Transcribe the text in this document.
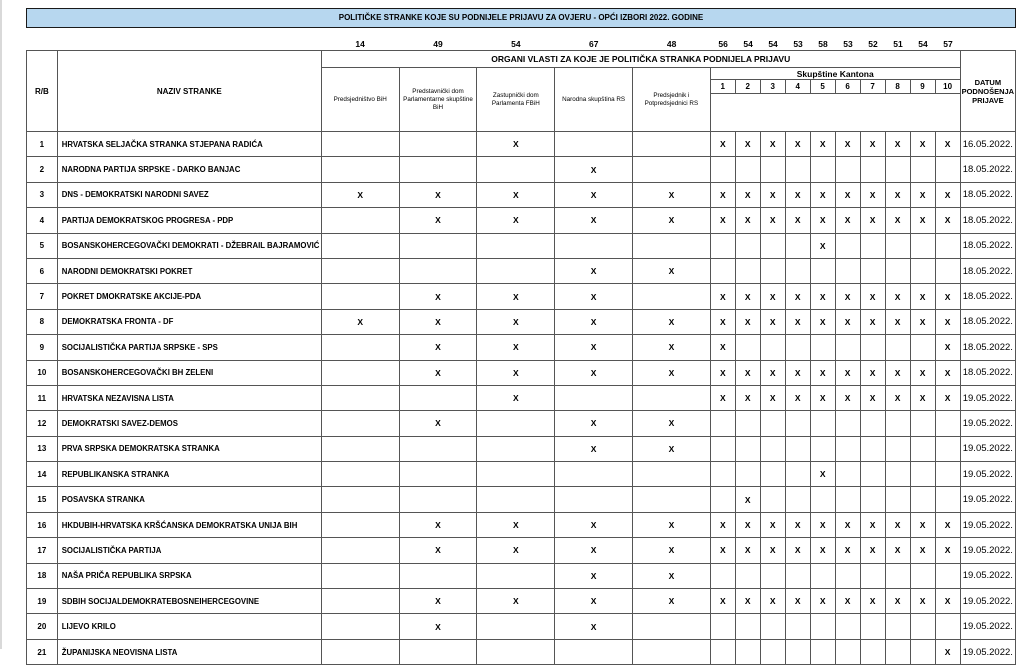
POLITIČKE STRANKE KOJE SU PODNIJELE PRIJAVU ZA OVJERU - OPĆI IZBORI 2022. GODINE
		14	49	54	67	48	56	54	54	53	58	53	52	51	54	57	
R/B	NAZIV STRANKE	ORGANI VLASTI ZA KOJE JE POLITIČKA STRANKA PODNIJELA PRIJAVU															DATUM PODNOŠENJA PRIJAVE
		Predsjedništvo BiH	Predstavnički dom Parlamentarne skupštine BiH	Zastupnički dom Parlamenta FBiH	Narodna skupština RS	Predsjednik i Potpredsjednici RS	Skupštine Kantona										
							1	2	3	4	5	6	7	8	9	10	

1	HRVATSKA SELJAČKA STRANKA STJEPANA RADIĆA			X			X	X	X	X	X	X	X	X	X	X	16.05.2022.
2	NARODNA PARTIJA SRPSKE - DARKO BANJAC				X												18.05.2022.
3	DNS - DEMOKRATSKI NARODNI SAVEZ	X	X	X	X	X	X	X	X	X	X	X	X	X	X	X	18.05.2022.
4	PARTIJA DEMOKRATSKOG PROGRESA - PDP		X	X	X	X	X	X	X	X	X	X	X	X	X	X	18.05.2022.
5	BOSANSKOHERCEGOVAČKI DEMOKRATI - DŽEBRAIL BAJRAMOVIĆ										X						18.05.2022.
6	NARODNI DEMOKRATSKI POKRET				X	X											18.05.2022.
7	POKRET DMOKRATSKE AKCIJE-PDA		X	X	X		X	X	X	X	X	X	X	X	X	X	18.05.2022.
8	DEMOKRATSKA FRONTA - DF	X	X	X	X	X	X	X	X	X	X	X	X	X	X	X	18.05.2022.
9	SOCIJALISTIČKA PARTIJA SRPSKE - SPS		X	X	X	X	X									X	18.05.2022.
10	BOSANSKOHERCEGOVAČKI BH ZELENI		X	X	X	X	X	X	X	X	X	X	X	X	X	X	18.05.2022.
11	HRVATSKA NEZAVISNA LISTA			X			X	X	X	X	X	X	X	X	X	X	19.05.2022.
12	DEMOKRATSKI SAVEZ-DEMOS		X		X	X											19.05.2022.
13	PRVA SRPSKA DEMOKRATSKA STRANKA				X	X											19.05.2022.
14	REPUBLIKANSKA STRANKA										X						19.05.2022.
15	POSAVSKA STRANKA							X									19.05.2022.
16	HKDUBIH-HRVATSKA KRŠĆANSKA DEMOKRATSKA UNIJA BIH		X	X	X	X	X	X	X	X	X	X	X	X	X	X	19.05.2022.
17	SOCIJALISTIČKA PARTIJA		X	X	X	X	X	X	X	X	X	X	X	X	X	X	19.05.2022.
18	NAŠA PRIČA REPUBLIKA SRPSKA				X	X											19.05.2022.
19	SDBIH SOCIJALDEMOKRATEBOSNEIHERCEGOVINE		X	X	X	X	X	X	X	X	X	X	X	X	X	X	19.05.2022.
20	LIJEVO KRILO		X		X												19.05.2022.
21	ŽUPANIJSKA NEOVISNA LISTA															X	19.05.2022.
